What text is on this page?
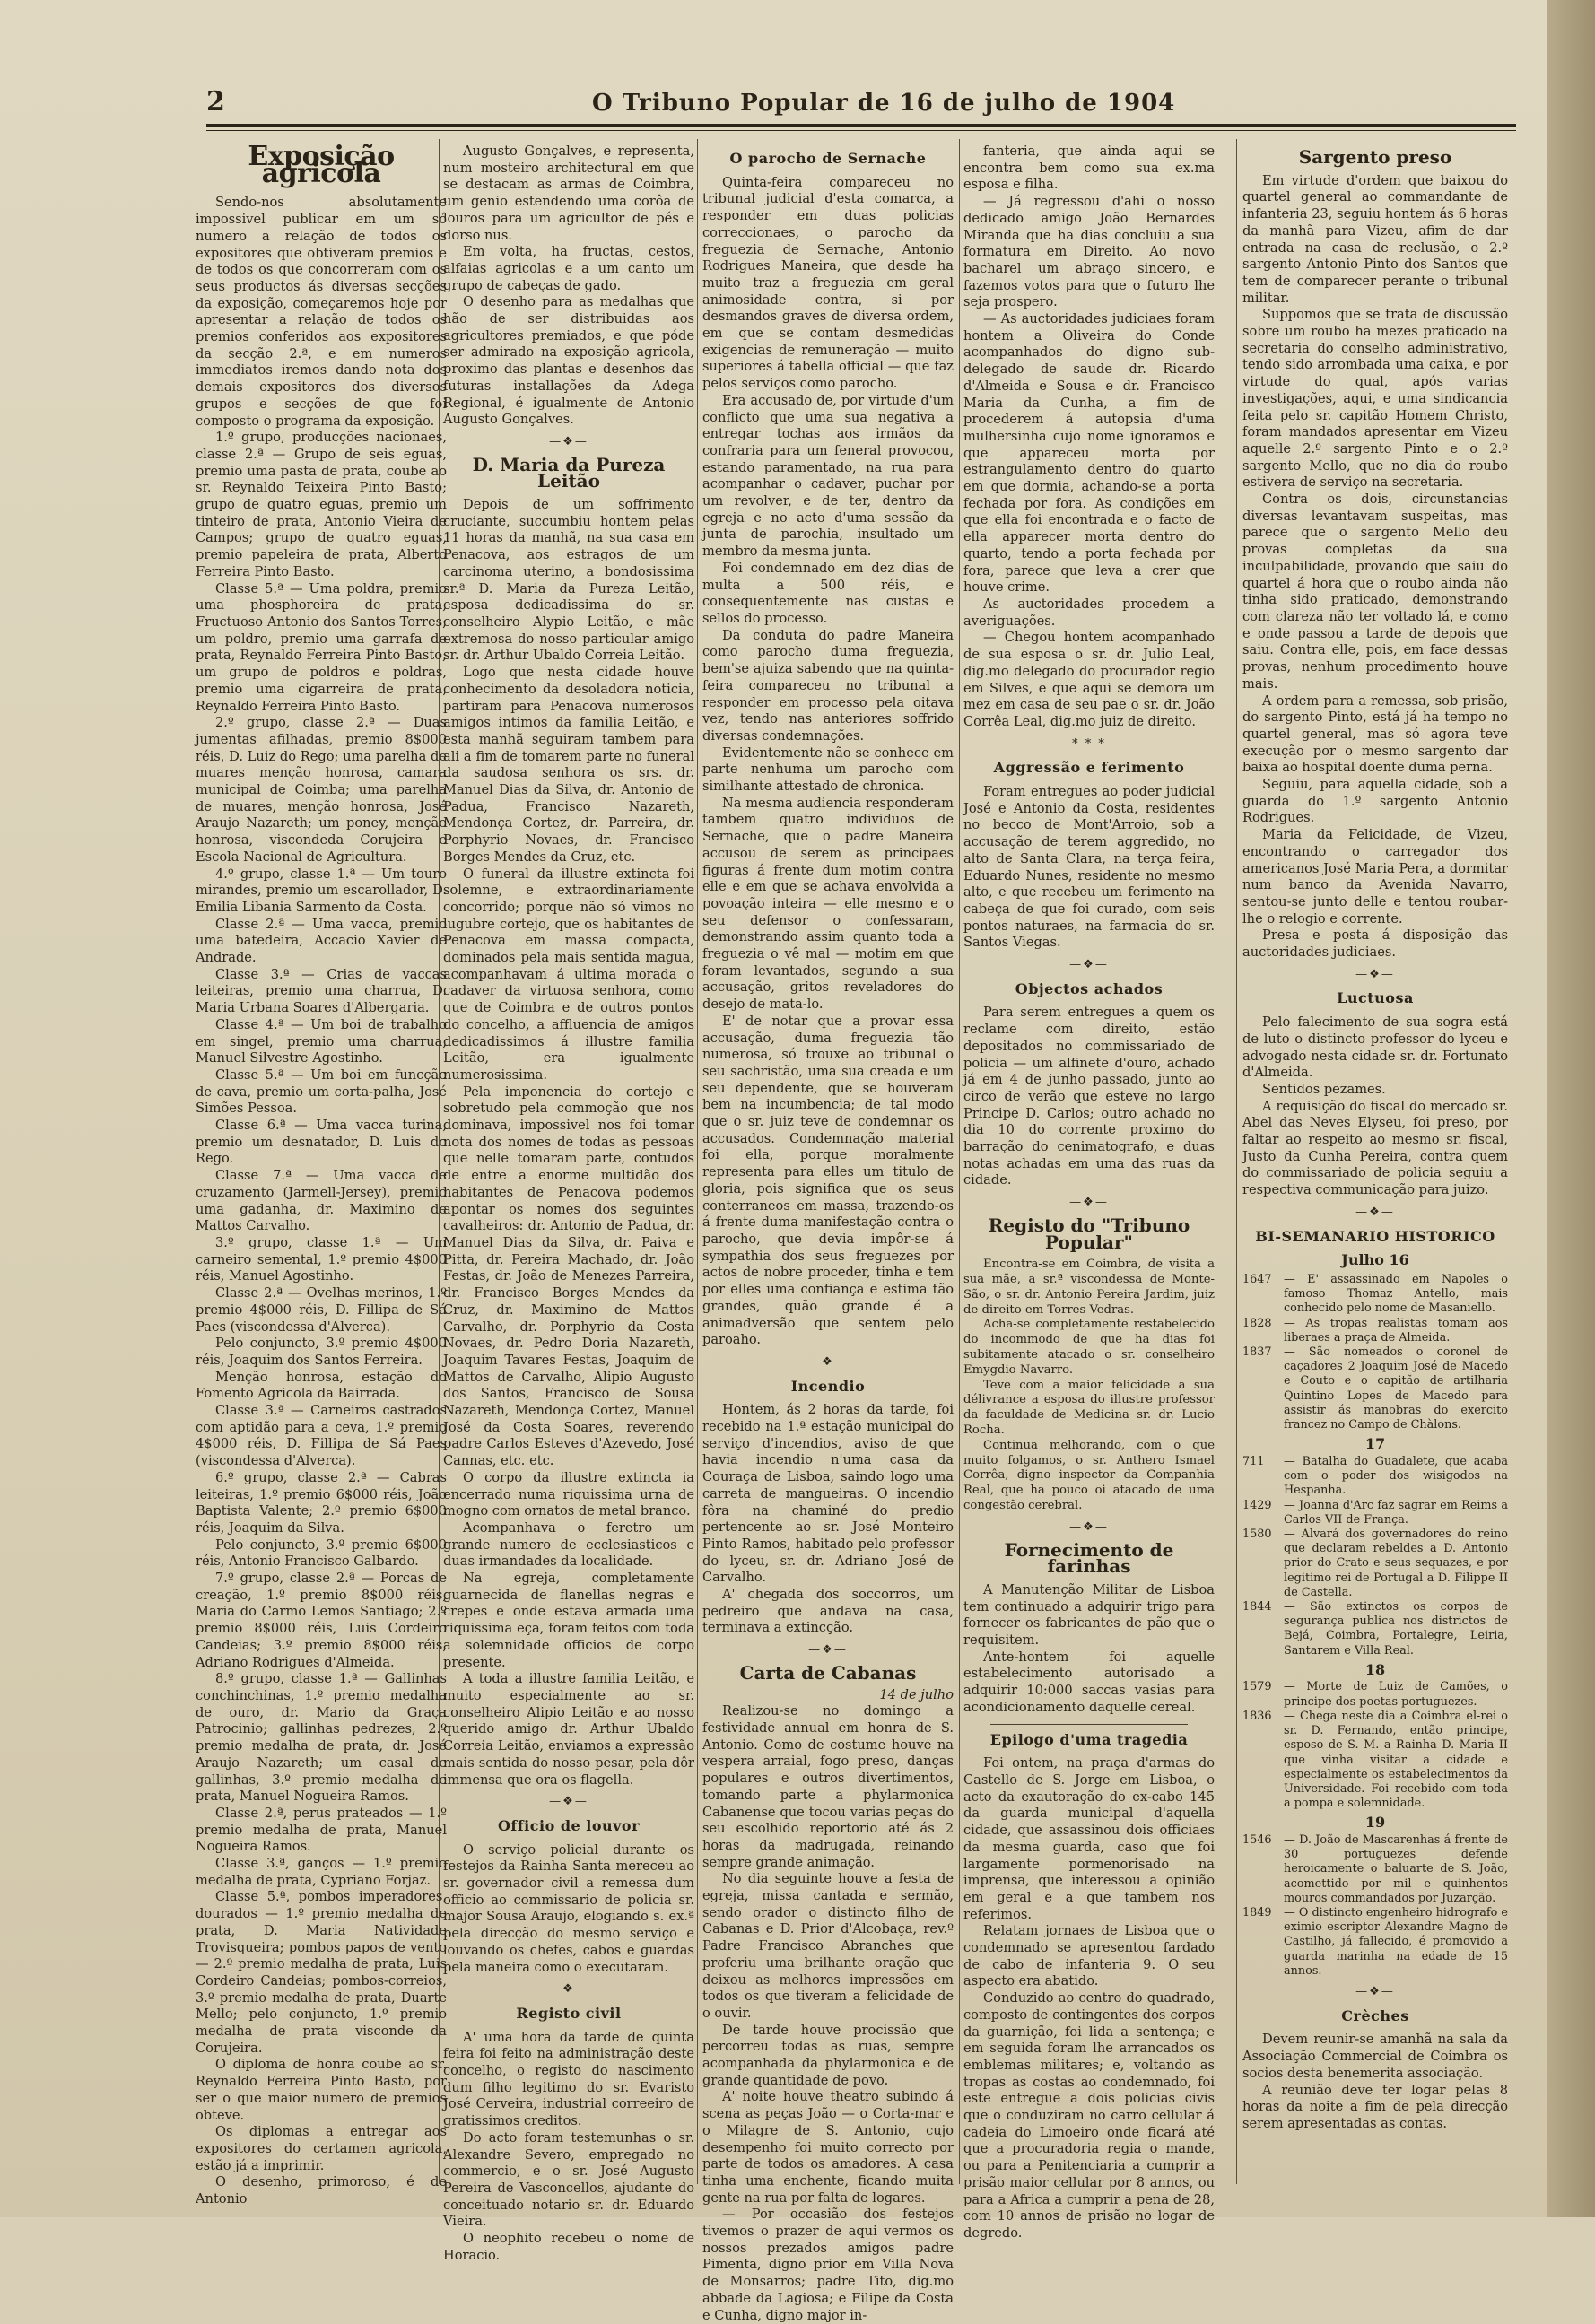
2	O Tribuno Popular de 16 de julho de 1904
Exposição agricola

Sendo-nos absolutamente impossivel publicar em um só numero a relação de todos os expositores que obtiveram premios e de todos os que concorreram com os seus productos ás diversas secções da exposição, começaremos hoje por apresentar a relação de todos os premios conferidos aos expositores da secção 2.ª, e em numeros immediatos iremos dando nota dos demais expositores dos diversos grupos e secções de que foi composto o programa da exposição.

1.º grupo, producções nacionaes, classe 2.ª — Grupo de seis eguas, premio uma pasta de prata, coube ao sr. Reynaldo Teixeira Pinto Basto; grupo de quatro eguas, premio um tinteiro de prata, Antonio Vieira de Campos; grupo de quatro eguas, premio papeleira de prata, Alberto Ferreira Pinto Basto.

Classe 5.ª — Uma poldra, premio uma phosphoreira de prata, Fructuoso Antonio dos Santos Torres; um poldro, premio uma garrafa de prata, Reynaldo Ferreira Pinto Basto; um grupo de poldros e poldras, premio uma cigarreira de prata, Reynaldo Ferreira Pinto Basto.

2.º grupo, classe 2.ª — Duas jumentas afilhadas, premio 8$000 réis, D. Luiz do Rego; uma parelha de muares menção honrosa, camara municipal de Coimba; uma parelha de muares, menção honrosa, José Araujo Nazareth; um poney, menção honrosa, viscondeda Corujeira e Escola Nacional de Agricultura.

4.º grupo, classe 1.ª — Um touro mirandes, premio um escarollador, D. Emilia Libania Sarmento da Costa.

Classe 2.ª — Uma vacca, premio uma batedeira, Accacio Xavier de Andrade.

Classe 3.ª — Crias de vaccas leiteiras, premio uma charrua, D. Maria Urbana Soares d'Albergaria.

Classe 4.ª — Um boi de trabalho em singel, premio uma charrua, Manuel Silvestre Agostinho.

Classe 5.ª — Um boi em funcção de cava, premio um corta-palha, José Simões Pessoa.

Classe 6.ª — Uma vacca turina, premio um desnatador, D. Luis do Rego.

Classe 7.ª — Uma vacca de cruzamento (Jarmell-Jersey), premio uma gadanha, dr. Maximino de Mattos Carvalho.

3.º grupo, classe 1.ª — Um carneiro semental, 1.º premio 4$000 réis, Manuel Agostinho.

Classe 2.ª — Ovelhas merinos, 1.º premio 4$000 réis, D. Fillipa de Sá Paes (viscondessa d'Alverca).

Pelo conjuncto, 3.º premio 4$000 réis, Joaquim dos Santos Ferreira.

Menção honrosa, estação do Fomento Agricola da Bairrada.

Classe 3.ª — Carneiros castrados com aptidão para a ceva, 1.º premio 4$000 réis, D. Fillipa de Sá Paes (viscondessa d'Alverca).

6.º grupo, classe 2.ª — Cabras leiteiras, 1.º premio 6$000 réis, João Baptista Valente; 2.º premio 6$000 réis, Joaquim da Silva.

Pelo conjuncto, 3.º premio 6$000 réis, Antonio Francisco Galbardo.

7.º grupo, classe 2.ª — Porcas de creação, 1.º premio 8$000 réis, Maria do Carmo Lemos Santiago; 2.º premio 8$000 réis, Luis Cordeiro Candeias; 3.º premio 8$000 réis, Adriano Rodrigues d'Almeida.

8.º grupo, classe 1.ª — Gallinhas conchinchinas, 1.º premio medalha de ouro, dr. Mario da Graça Patrocinio; gallinhas pedrezes, 2.º premio medalha de prata, dr. José Araujo Nazareth; um casal de gallinhas, 3.º premio medalha de prata, Manuel Nogueira Ramos.

Classe 2.ª, perus prateados — 1.º premio medalha de prata, Manuel Nogueira Ramos.

Classe 3.ª, ganços — 1.º premio medalha de prata, Cypriano Forjaz.

Classe 5.ª, pombos imperadores, dourados — 1.º premio medalha de prata, D. Maria Natividade Trovisqueira; pombos papos de vento — 2.º premio medalha de prata, Luis Cordeiro Candeias; pombos-correios, 3.º premio medalha de prata, Duarte Mello; pelo conjuncto, 1.º premio medalha de prata visconde da Corujeira.

O diploma de honra coube ao sr. Reynaldo Ferreira Pinto Basto, por ser o que maior numero de premios obteve.

Os diplomas a entregar aos expositores do certamen agricola, estão já a imprimir.

O desenho, primoroso, é de Antonio

Augusto Gonçalves, e representa, num mosteiro architectural em que se destacam as armas de Coimbra, um genio estendendo uma corôa de louros para um agricultor de pés e dorso nus.

Em volta, ha fructas, cestos, alfaias agricolas e a um canto um grupo de cabeças de gado.

O desenho para as medalhas que hão de ser distribuidas aos agricultores premiados, e que póde ser admirado na exposição agricola, proximo das plantas e desenhos das futuras installações da Adega Regional, é igualmente de Antonio Augusto Gonçalves.

—❖—
D. Maria da Pureza Leitão

Depois de um soffrimento cruciante, succumbiu hontem pelas 11 horas da manhã, na sua casa em Penacova, aos estragos de um carcinoma uterino, a bondosissima sr.ª D. Maria da Pureza Leitão, esposa dedicadissima do sr. conselheiro Alypio Leitão, e mãe extremosa do nosso particular amigo sr. dr. Arthur Ubaldo Correia Leitão.

Logo que nesta cidade houve conhecimento da desoladora noticia, partiram para Penacova numerosos amigos intimos da familia Leitão, e esta manhã seguiram tambem para ali a fim de tomarem parte no funeral da saudosa senhora os srs. dr. Manuel Dias da Silva, dr. Antonio de Padua, Francisco Nazareth, Mendonça Cortez, dr. Parreira, dr. Porphyrio Novaes, dr. Francisco Borges Mendes da Cruz, etc.

O funeral da illustre extincta foi solemne, e extraordinariamente concorrido; porque não só vimos no lugubre cortejo, que os habitantes de Penacova em massa compacta, dominados pela mais sentida magua, acompanhavam á ultima morada o cadaver da virtuosa senhora, como que de Coimbra e de outros pontos do concelho, a affluencia de amigos dedicadissimos á illustre familia Leitão, era igualmente numerosissima.

Pela imponencia do cortejo e sobretudo pela commoção que nos dominava, impossivel nos foi tomar nota dos nomes de todas as pessoas que nelle tomaram parte, contudos de entre a enorme multidão dos habitantes de Penacova podemos apontar os nomes dos seguintes cavalheiros: dr. Antonio de Padua, dr. Manuel Dias da Silva, dr. Paiva e Pitta, dr. Pereira Machado, dr. João Festas, dr. João de Menezes Parreira, dr. Francisco Borges Mendes da Cruz, dr. Maximino de Mattos Carvalho, dr. Porphyrio da Costa Novaes, dr. Pedro Doria Nazareth, Joaquim Tavares Festas, Joaquim de Mattos de Carvalho, Alipio Augusto dos Santos, Francisco de Sousa Nazareth, Mendonça Cortez, Manuel José da Costa Soares, reverendo padre Carlos Esteves d'Azevedo, José Cannas, etc. etc.

O corpo da illustre extincta ia encerrado numa riquissima urna de mogno com ornatos de metal branco.

Acompanhava o feretro um grande numero de ecclesiasticos e duas irmandades da localidade.

Na egreja, completamente guarnecida de flanellas negras e crepes e onde estava armada uma riquissima eça, foram feitos com toda a solemnidade officios de corpo presente.

A toda a illustre familia Leitão, e muito especialmente ao sr. conselheiro Alipio Leitão e ao nosso querido amigo dr. Arthur Ubaldo Correia Leitão, enviamos a expressão mais sentida do nosso pesar, pela dôr immensa que ora os flagella.

—❖—
Officio de louvor

O serviço policial durante os festejos da Rainha Santa mereceu ao sr. governador civil a remessa dum officio ao commissario de policia sr. major Sousa Araujo, elogiando s. ex.ª pela direcção do mesmo serviço e louvando os chefes, cabos e guardas pela maneira como o executaram.

—❖—
Registo civil

A' uma hora da tarde de quinta feira foi feito na administração deste concelho, o registo do nascimento dum filho legitimo do sr. Evaristo José Cerveira, industrial correeiro de gratissimos creditos.

Do acto foram testemunhas o sr. Alexandre Severo, empregado no commercio, e o sr. José Augusto Pereira de Vasconcellos, ajudante do conceituado notario sr. dr. Eduardo Vieira.

O neophito recebeu o nome de Horacio.

O parocho de Sernache

Quinta-feira compareceu no tribunal judicial d'esta comarca, a responder em duas policias correccionaes, o parocho da freguezia de Sernache, Antonio Rodrigues Maneira, que desde ha muito traz a freguezia em geral animosidade contra, si por desmandos graves de diversa ordem, em que se contam desmedidas exigencias de remuneração — muito superiores á tabella official — que faz pelos serviços como parocho.

Era accusado de, por virtude d'um conflicto que uma sua negativa a entregar tochas aos irmãos da confraria para um feneral provocou, estando paramentado, na rua para acompanhar o cadaver, puchar por um revolver, e de ter, dentro da egreja e no acto d'uma sessão da junta de parochia, insultado um membro da mesma junta.

Foi condemnado em dez dias de multa a 500 réis, e consequentemente nas custas e sellos do processo.

Da conduta do padre Maneira como parocho duma freguezia, bem'se ajuiza sabendo que na quinta-feira compareceu no tribunal a responder em processo pela oitava vez, tendo nas anteriores soffrido diversas condemnações.

Evidentemente não se conhece em parte nenhuma um parocho com similhante attestado de chronica.

Na mesma audiencia responderam tambem quatro individuos de Sernache, que o padre Maneira accusou de serem as principaes figuras á frente dum motim contra elle e em que se achava envolvida a povoação inteira — elle mesmo e o seu defensor o confessaram, demonstrando assim quanto toda a freguezia o vê mal — motim em que foram levantados, segundo a sua accusação, gritos reveladores do desejo de mata-lo.

E' de notar que a provar essa accusação, duma freguezia tão numerosa, só trouxe ao tribunal o seu sachristão, uma sua creada e um seu dependente, que se houveram bem na incumbencia; de tal modo que o sr. juiz teve de condemnar os accusados. Condemnação material foi ella, porque moralmente representa para elles um titulo de gloria, pois significa que os seus conterraneos em massa, trazendo-os á frente duma manifestação contra o parocho, que devia impôr-se á sympathia dos seus freguezes por actos de nobre proceder, tinha e tem por elles uma confiança e estima tão grandes, quão grande é a animadversão que sentem pelo paroaho.

—❖—
Incendio

Hontem, ás 2 horas da tarde, foi recebido na 1.ª estação municipal do serviço d'incendios, aviso de que havia incendio n'uma casa da Couraça de Lisboa, saindo logo uma carreta de mangueiras. O incendio fôra na chaminé do predio pertencente ao sr. José Monteiro Pinto Ramos, habitado pelo professor do lyceu, sr. dr. Adriano José de Carvalho.

A' chegada dos soccorros, um pedreiro que andava na casa, terminava a extincção.

—❖—
Carta de Cabanas
14 de julho

Realizou-se no domingo a festividade annual em honra de S. Antonio. Como de costume houve na vespera arraial, fogo preso, danças populares e outros divertimentos, tomando parte a phylarmonica Cabanense que tocou varias peças do seu escolhido reportorio até ás 2 horas da madrugada, reinando sempre grande animação.

No dia seguinte houve a festa de egreja, missa cantada e sermão, sendo orador o distincto filho de Cabanas e D. Prior d'Alcobaça, rev.º Padre Francisco Abranches que proferiu uma brilhante oração que deixou as melhores impressões em todos os que tiveram a felicidade de o ouvir.

De tarde houve procissão que percorreu todas as ruas, sempre acompanhada da phylarmonica e de grande quantidade de povo.

A' noite houve theatro subindo á scena as peças João — o Corta-mar e o Milagre de S. Antonio, cujo desempenho foi muito correcto por parte de todos os amadores. A casa tinha uma enchente, ficando muita gente na rua por falta de logares.

— Por occasião dos festejos tivemos o prazer de aqui vermos os nossos prezados amigos padre Pimenta, digno prior em Villa Nova de Monsarros; padre Tito, dig.mo abbade da Lagiosa; e Filipe da Costa e Cunha, digno major in-

fanteria, que ainda aqui se encontra bem como sua ex.ma esposa e filha.

— Já regressou d'ahi o nosso dedicado amigo João Bernardes Miranda que ha dias concluiu a sua formatura em Direito. Ao novo bacharel um abraço sincero, e fazemos votos para que o futuro lhe seja prospero.

— As auctoridades judiciaes foram hontem a Oliveira do Conde acompanhados do digno sub-delegado de saude dr. Ricardo d'Almeida e Sousa e dr. Francisco Maria da Cunha, a fim de procederem á autopsia d'uma mulhersinha cujo nome ignoramos e que appareceu morta por estrangulamento dentro do quarto em que dormia, achando-se a porta fechada por fora. As condições em que ella foi encontrada e o facto de ella apparecer morta dentro do quarto, tendo a porta fechada por fora, parece que leva a crer que houve crime.

As auctoridades procedem a averiguações.

— Chegou hontem acompanhado de sua esposa o sr. dr. Julio Leal, dig.mo delegado do procurador regio em Silves, e que aqui se demora um mez em casa de seu pae o sr. dr. João Corrêa Leal, dig.mo juiz de direito.

* * *
Aggressão e ferimento

Foram entregues ao poder judicial José e Antonio da Costa, residentes no becco de Mont'Arroio, sob a accusação de terem aggredido, no alto de Santa Clara, na terça feira, Eduardo Nunes, residente no mesmo alto, e que recebeu um ferimento na cabeça de que foi curado, com seis pontos naturaes, na farmacia do sr. Santos Viegas.

—❖—
Objectos achados

Para serem entregues a quem os reclame com direito, estão depositados no commissariado de policia — um alfinete d'ouro, achado já em 4 de junho passado, junto ao circo de verão que esteve no largo Principe D. Carlos; outro achado no dia 10 do corrente proximo do barração do cenimatografo, e duas notas achadas em uma das ruas da cidade.

—❖—
Registo do "Tribuno Popular"

Encontra-se em Coimbra, de visita a sua mãe, a sr.ª viscondessa de Monte-São, o sr. dr. Antonio Pereira Jardim, juiz de direito em Torres Vedras.

Acha-se completamente restabelecido do incommodo de que ha dias foi subitamente atacado o sr. conselheiro Emygdio Navarro.

Teve com a maior felicidade a sua délivrance a esposa do illustre professor da faculdade de Medicina sr. dr. Lucio Rocha.

Continua melhorando, com o que muito folgamos, o sr. Anthero Ismael Corrêa, digno inspector da Companhia Real, que ha pouco oi atacado de uma congestão cerebral.

—❖—
Fornecimento de farinhas

A Manutenção Militar de Lisboa tem continuado a adquirir trigo para fornecer os fabricantes de pão que o requisitem.

Ante-hontem foi aquelle estabelecimento autorisado a adquirir 10:000 saccas vasias para acondicionamento daquelle cereal.

Epilogo d'uma tragedia

Foi ontem, na praça d'armas do Castello de S. Jorge em Lisboa, o acto da exautoração do ex-cabo 145 da guarda municipal d'aquella cidade, que assassinou dois officiaes da mesma guarda, caso que foi largamente pormenorisado na imprensa, que interessou a opinião em geral e a que tambem nos referimos.

Relatam jornaes de Lisboa que o condemnado se apresentou fardado de cabo de infanteria 9. O seu aspecto era abatido.

Conduzido ao centro do quadrado, composto de contingentes dos corpos da guarnição, foi lida a sentença; e em seguida foram lhe arrancados os emblemas militares; e, voltando as tropas as costas ao condemnado, foi este entregue a dois policias civis que o conduziram no carro cellular á cadeia do Limoeiro onde ficará até que a procuradoria regia o mande, ou para a Penitenciaria a cumprir a prisão maior cellular por 8 annos, ou para a Africa a cumprir a pena de 28, com 10 annos de prisão no logar de degredo.

Sargento preso

Em virtude d'ordem que baixou do quartel general ao commandante de infanteria 23, seguiu hontem ás 6 horas da manhã para Vizeu, afim de dar entrada na casa de reclusão, o 2.º sargento Antonio Pinto dos Santos que tem de comparecer perante o tribunal militar.

Suppomos que se trata de discussão sobre um roubo ha mezes praticado na secretaria do conselho administrativo, tendo sido arrombada uma caixa, e por virtude do qual, após varias investigações, aqui, e uma sindicancia feita pelo sr. capitão Homem Christo, foram mandados apresentar em Vizeu aquelle 2.º sargento Pinto e o 2.º sargento Mello, que no dia do roubo estivera de serviço na secretaria.

Contra os dois, circunstancias diversas levantavam suspeitas, mas parece que o sargento Mello deu provas completas da sua inculpabilidade, provando que saiu do quartel á hora que o roubo ainda não tinha sido praticado, demonstrando com clareza não ter voltado lá, e como e onde passou a tarde de depois que saiu. Contra elle, pois, em face dessas provas, nenhum procedimento houve mais.

A ordem para a remessa, sob prisão, do sargento Pinto, está já ha tempo no quartel general, mas só agora teve execução por o mesmo sargento dar baixa ao hospital doente duma perna.

Seguiu, para aquella cidade, sob a guarda do 1.º sargento Antonio Rodrigues.

Maria da Felicidade, de Vizeu, encontrando o carregador dos americanos José Maria Pera, a dormitar num banco da Avenida Navarro, sentou-se junto delle e tentou roubar-lhe o relogio e corrente.

Presa e posta á disposição das auctoridades judiciaes.

—❖—
Luctuosa

Pelo falecimento de sua sogra está de luto o distincto professor do lyceu e advogado nesta cidade sr. dr. Fortunato d'Almeida.

Sentidos pezames.

A requisição do fiscal do mercado sr. Abel das Neves Elyseu, foi preso, por faltar ao respeito ao mesmo sr. fiscal, Justo da Cunha Pereira, contra quem do commissariado de policia seguiu a respectiva communicação para juizo.

—❖—
BI-SEMANARIO HISTORICO
Julho 16

1647 — E' assassinado em Napoles o famoso Thomaz Antello, mais conhecido pelo nome de Masaniello.

1828 — As tropas realistas tomam aos liberaes a praça de Almeida.

1837 — São nomeados o coronel de caçadores 2 Joaquim José de Macedo e Couto e o capitão de artilharia Quintino Lopes de Macedo para assistir ás manobras do exercito francez no Campo de Chàlons.

17

711 — Batalha do Guadalete, que acaba com o poder dos wisigodos na Hespanha.

1429 — Joanna d'Arc faz sagrar em Reims a Carlos VII de França.

1580 — Alvará dos governadores do reino que declaram rebeldes a D. Antonio prior do Crato e seus sequazes, e por legitimo rei de Portugal a D. Filippe II de Castella.

1844 — São extinctos os corpos de segurança publica nos districtos de Bejá, Coimbra, Portalegre, Leiria, Santarem e Villa Real.

18

1579 — Morte de Luiz de Camões, o principe dos poetas portuguezes.

1836 — Chega neste dia a Coimbra el-rei o sr. D. Fernando, então principe, esposo de S. M. a Rainha D. Maria II que vinha visitar a cidade e especialmente os estabelecimentos da Universidade. Foi recebido com toda a pompa e solemnidade.

19

1546 — D. João de Mascarenhas á frente de 30 portuguezes defende heroicamente o baluarte de S. João, acomettido por mil e quinhentos mouros commandados por Juzarção.

1849 — O distincto engenheiro hidrografo e eximio escriptor Alexandre Magno de Castilho, já fallecido, é promovido a guarda marinha na edade de 15 annos.

—❖—
Crèches

Devem reunir-se amanhã na sala da Associação Commercial de Coimbra os socios desta benemerita associação.

A reunião deve ter logar pelas 8 horas da noite a fim de pela direcção serem apresentadas as contas.
